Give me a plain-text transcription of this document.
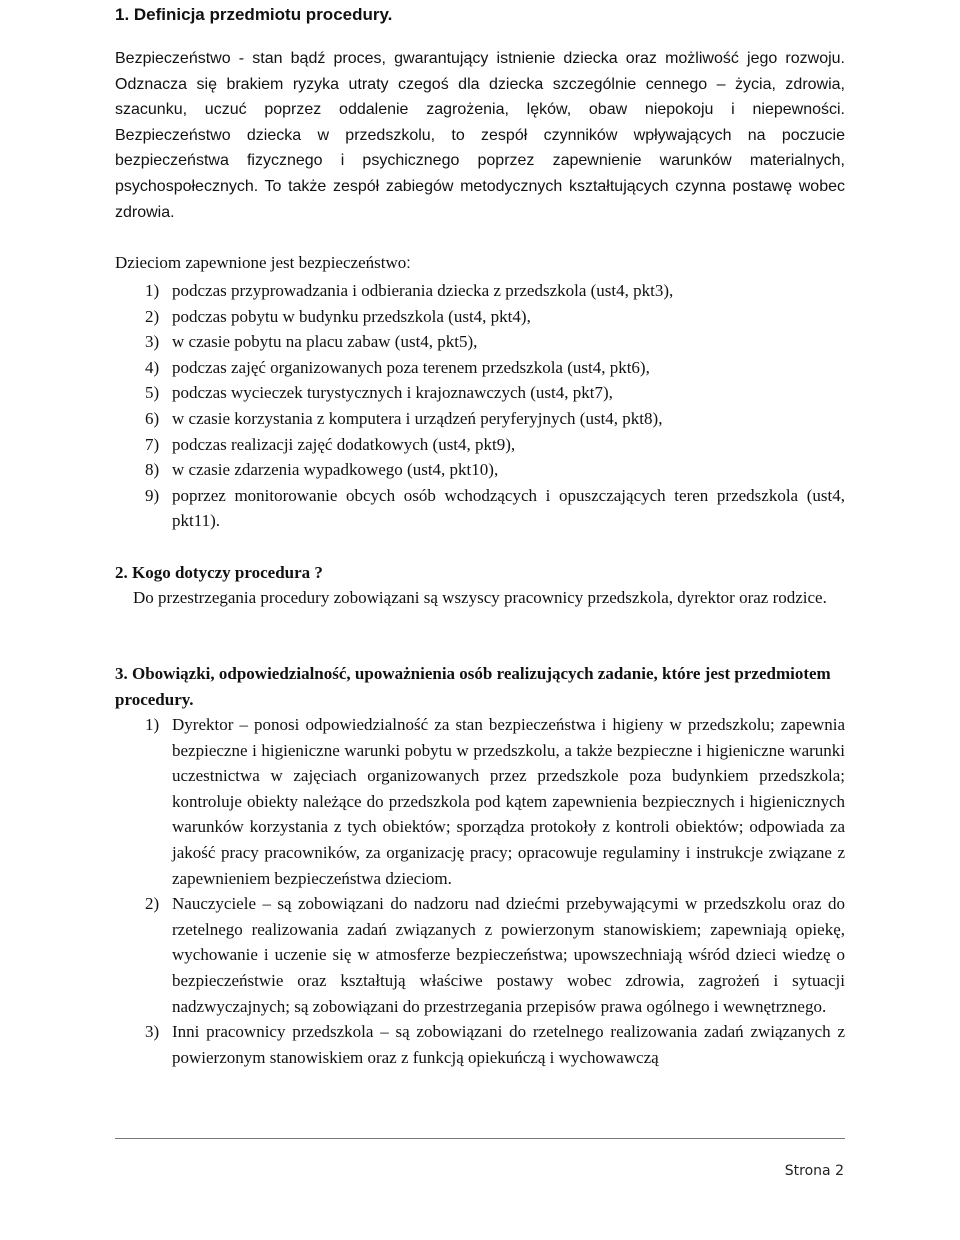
1. Definicja przedmiotu procedury.

Bezpieczeństwo - stan bądź proces, gwarantujący istnienie dziecka oraz możliwość jego rozwoju. Odznacza się brakiem ryzyka utraty czegoś dla dziecka szczególnie cennego – życia, zdrowia, szacunku, uczuć poprzez oddalenie zagrożenia, lęków, obaw niepokoju i niepewności. Bezpieczeństwo dziecka w przedszkolu, to zespół czynników wpływających na poczucie bezpieczeństwa fizycznego i psychicznego poprzez zapewnienie warunków materialnych, psychospołecznych. To także zespół zabiegów metodycznych kształtujących czynna postawę wobec zdrowia.

Dzieciom zapewnione jest bezpieczeństwo:

1) podczas przyprowadzania i odbierania dziecka z przedszkola (ust4, pkt3),
2) podczas pobytu w budynku przedszkola (ust4, pkt4),
3) w czasie pobytu na placu zabaw (ust4, pkt5),
4) podczas zajęć organizowanych poza terenem przedszkola (ust4, pkt6),
5) podczas wycieczek turystycznych i krajoznawczych (ust4, pkt7),
6) w czasie korzystania z komputera i urządzeń peryferyjnych (ust4, pkt8),
7) podczas realizacji zajęć dodatkowych (ust4, pkt9),
8) w czasie zdarzenia wypadkowego (ust4, pkt10),
9) poprzez monitorowanie obcych osób wchodzących i opuszczających teren przedszkola (ust4, pkt11).
2. Kogo dotyczy procedura ?

Do przestrzegania procedury zobowiązani są wszyscy pracownicy przedszkola, dyrektor oraz rodzice.

3. Obowiązki, odpowiedzialność, upoważnienia osób realizujących zadanie, które jest przedmiotem procedury.
1) Dyrektor – ponosi odpowiedzialność za stan bezpieczeństwa i higieny w przedszkolu; zapewnia bezpieczne i higieniczne warunki pobytu w przedszkolu, a także bezpieczne i higieniczne warunki uczestnictwa w zajęciach organizowanych przez przedszkole poza budynkiem przedszkola; kontroluje obiekty należące do przedszkola pod kątem zapewnienia bezpiecznych i higienicznych warunków korzystania z tych obiektów; sporządza protokoły z kontroli obiektów; odpowiada za jakość pracy pracowników, za organizację pracy; opracowuje regulaminy i instrukcje związane z zapewnieniem bezpieczeństwa dzieciom.
2) Nauczyciele – są zobowiązani do nadzoru nad dziećmi przebywającymi w przedszkolu oraz do rzetelnego realizowania zadań związanych z powierzonym stanowiskiem; zapewniają opiekę, wychowanie i uczenie się w atmosferze bezpieczeństwa; upowszechniają wśród dzieci wiedzę o bezpieczeństwie oraz kształtują właściwe postawy wobec zdrowia, zagrożeń i sytuacji nadzwyczajnych; są zobowiązani do przestrzegania przepisów prawa ogólnego i wewnętrznego.
3) Inni pracownicy przedszkola – są zobowiązani do rzetelnego realizowania zadań związanych z powierzonym stanowiskiem oraz z funkcją opiekuńczą i wychowawczą
Strona 2
